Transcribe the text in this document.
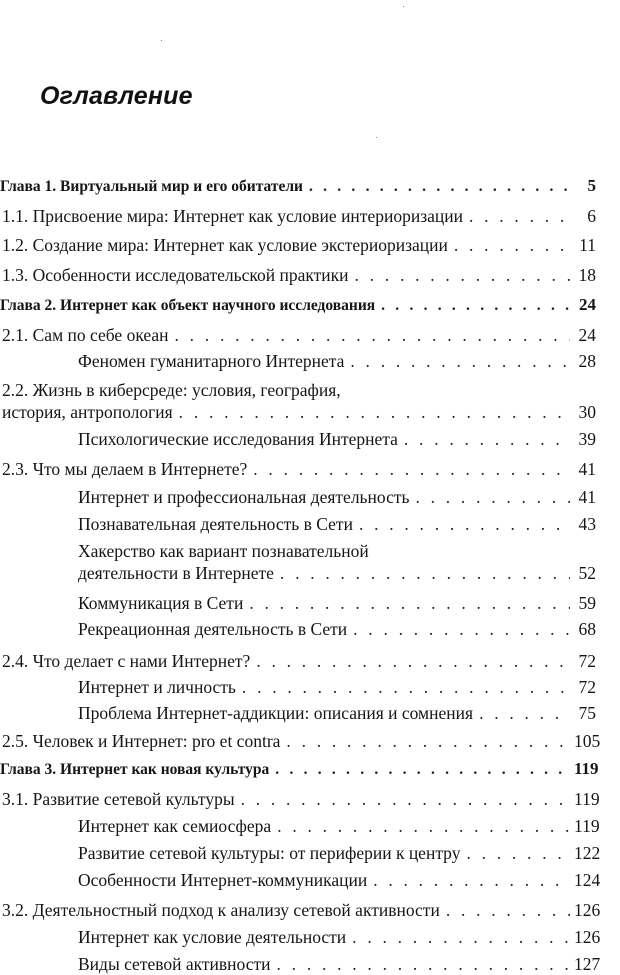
Оглавление
Глава 1. Виртуальный мир и его обитатели . . .	5
1.1. Присвоение мира: Интернет как условие интериоризации . . .	6
1.2. Создание мира: Интернет как условие экстериоризации . . .	11
1.3. Особенности исследовательской практики . . .	18
Глава 2. Интернет как объект научного исследования . . .	24
2.1. Сам по себе океан . . .	24
Феномен гуманитарного Интернета . . .	28
2.2. Жизнь в киберсреде: условия, география,
история, антропология . . .	30
Психологические исследования Интернета . . .	39
2.3. Что мы делаем в Интернете? . . .	41
Интернет и профессиональная деятельность . . .	41
Познавательная деятельность в Сети . . .	43
Хакерство как вариант познавательной
деятельности в Интернете . . .	52
Коммуникация в Сети . . .	59
Рекреационная деятельность в Сети . . .	68
2.4. Что делает с нами Интернет? . . .	72
Интернет и личность . . .	72
Проблема Интернет-аддикции: описания и сомнения . . .	75
2.5. Человек и Интернет: pro et contra . . .	105
Глава 3. Интернет как новая культура . . .	119
3.1. Развитие сетевой культуры . . .	119
Интернет как семиосфера . . .	119
Развитие сетевой культуры: от периферии к центру . . .	122
Особенности Интернет-коммуникации . . .	124
3.2. Деятельностный подход к анализу сетевой активности . . .	126
Интернет как условие деятельности . . .	126
Виды сетевой активности . . .	127
